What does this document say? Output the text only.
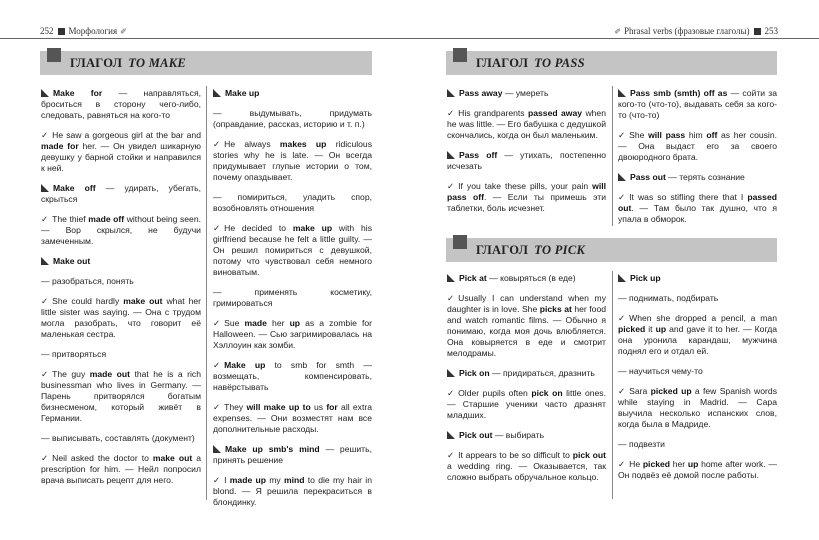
252 Морфология ✐	✐ Phrasal verbs (фразовые глаголы) 253
ГЛАГОЛ TO MAKE

Make for — направляться, броситься в сторону чего-либо, следовать, равняться на кого-то

✓ He saw a gorgeous girl at the bar and made for her. — Он увидел шикарную девушку у барной стойки и направился к ней.

Make off — удирать, убегать, скрыться

✓ The thief made off without being seen. — Вор скрылся, не будучи замеченным.

Make out

— разобраться, понять

✓ She could hardly make out what her little sister was saying. — Она с трудом могла разобрать, что говорит её маленькая сестра.

— притворяться

✓ The guy made out that he is a rich businessman who lives in Germany. — Парень притворялся богатым бизнесменом, который живёт в Германии.

— выписывать, составлять (документ)

✓ Neil asked the doctor to make out a prescription for him. — Нейл попросил врача выписать рецепт для него.

Make up

— выдумывать, придумать (оправдание, рассказ, историю и т. п.)

✓ He always makes up ridiculous stories why he is late. — Он всегда придумывает глупые истории о том, почему опаздывает.

— помириться, уладить спор, возобновлять отношения

✓ He decided to make up with his girlfriend because he felt a little guilty. — Он решил помириться с девушкой, потому что чувствовал себя немного виноватым.

— применять косметику, гримироваться

✓ Sue made her up as a zombie for Halloween. — Сью загримировалась на Хэллоуин как зомби.

✓ Make up to smb for smth — возмещать, компенсировать, навёрстывать

✓ They will make up to us for all extra expenses. — Они возместят нам все дополнительные расходы.

Make up smb's mind — решить, принять решение

✓ I made up my mind to die my hair in blond. — Я решила перекраситься в блондинку.

ГЛАГОЛ TO PASS

Pass away — умереть

✓ His grandparents passed away when he was little. — Его бабушка с дедушкой скончались, когда он был маленьким.

Pass off — утихать, постепенно исчезать

✓ If you take these pills, your pain will pass off. — Если ты примешь эти таблетки, боль исчезнет.

Pass smb (smth) off as — сойти за кого-то (что-то), выдавать себя за кого-то (что-то)

✓ She will pass him off as her cousin. — Она выдаст его за своего двоюродного брата.

Pass out — терять сознание

✓ It was so stifling there that I passed out. — Там было так душно, что я упала в обморок.

ГЛАГОЛ TO PICK

Pick at — ковыряться (в еде)

✓ Usually I can understand when my daughter is in love. She picks at her food and watch romantic films. — Обычно я понимаю, когда моя дочь влюбляется. Она ковыряется в еде и смотрит мелодрамы.

Pick on — придираться, дразнить

✓ Older pupils often pick on little ones. — Старшие ученики часто дразнят младших.

Pick out — выбирать

✓ It appears to be so difficult to pick out a wedding ring. — Оказывается, так сложно выбрать обручальное кольцо.

Pick up

— поднимать, подбирать

✓ When she dropped a pencil, a man picked it up and gave it to her. — Когда она уронила карандаш, мужчина поднял его и отдал ей.

— научиться чему-то

✓ Sara picked up a few Spanish words while staying in Madrid. — Сара выучила несколько испанских слов, когда была в Мадриде.

— подвезти

✓ He picked her up home after work. — Он подвёз её домой после работы.
